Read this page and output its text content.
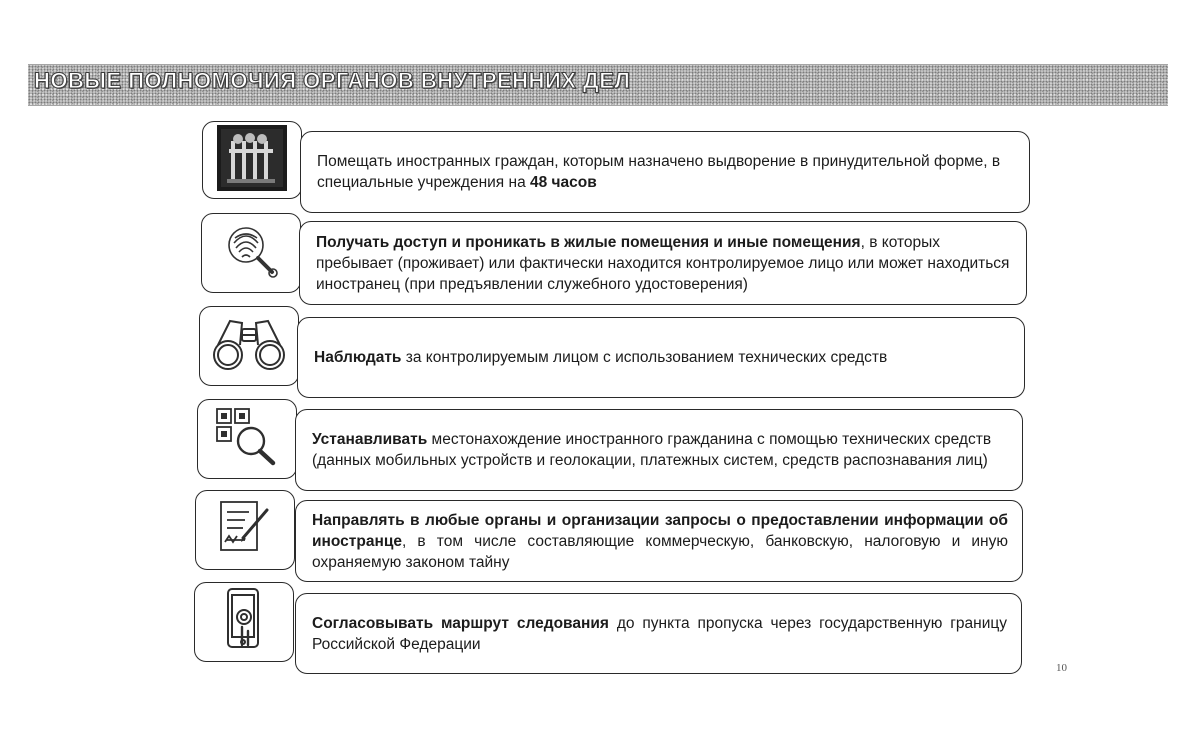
НОВЫЕ ПОЛНОМОЧИЯ ОРГАНОВ ВНУТРЕННИХ ДЕЛ
Помещать иностранных граждан, которым назначено выдворение в принудительной форме, в специальные учреждения на 48 часов
Получать доступ и проникать в жилые помещения и иные помещения, в которых пребывает (проживает) или фактически находится контролируемое лицо или может находиться иностранец (при предъявлении служебного удостоверения)
Наблюдать за контролируемым лицом с использованием технических средств
Устанавливать местонахождение иностранного гражданина с помощью технических средств (данных мобильных устройств и геолокации, платежных систем, средств распознавания лиц)
Направлять в любые органы и организации запросы о предоставлении информации об иностранце, в том числе составляющие коммерческую, банковскую, налоговую и иную охраняемую законом тайну
Согласовывать маршрут следования до пункта пропуска через государственную границу Российской Федерации
10
